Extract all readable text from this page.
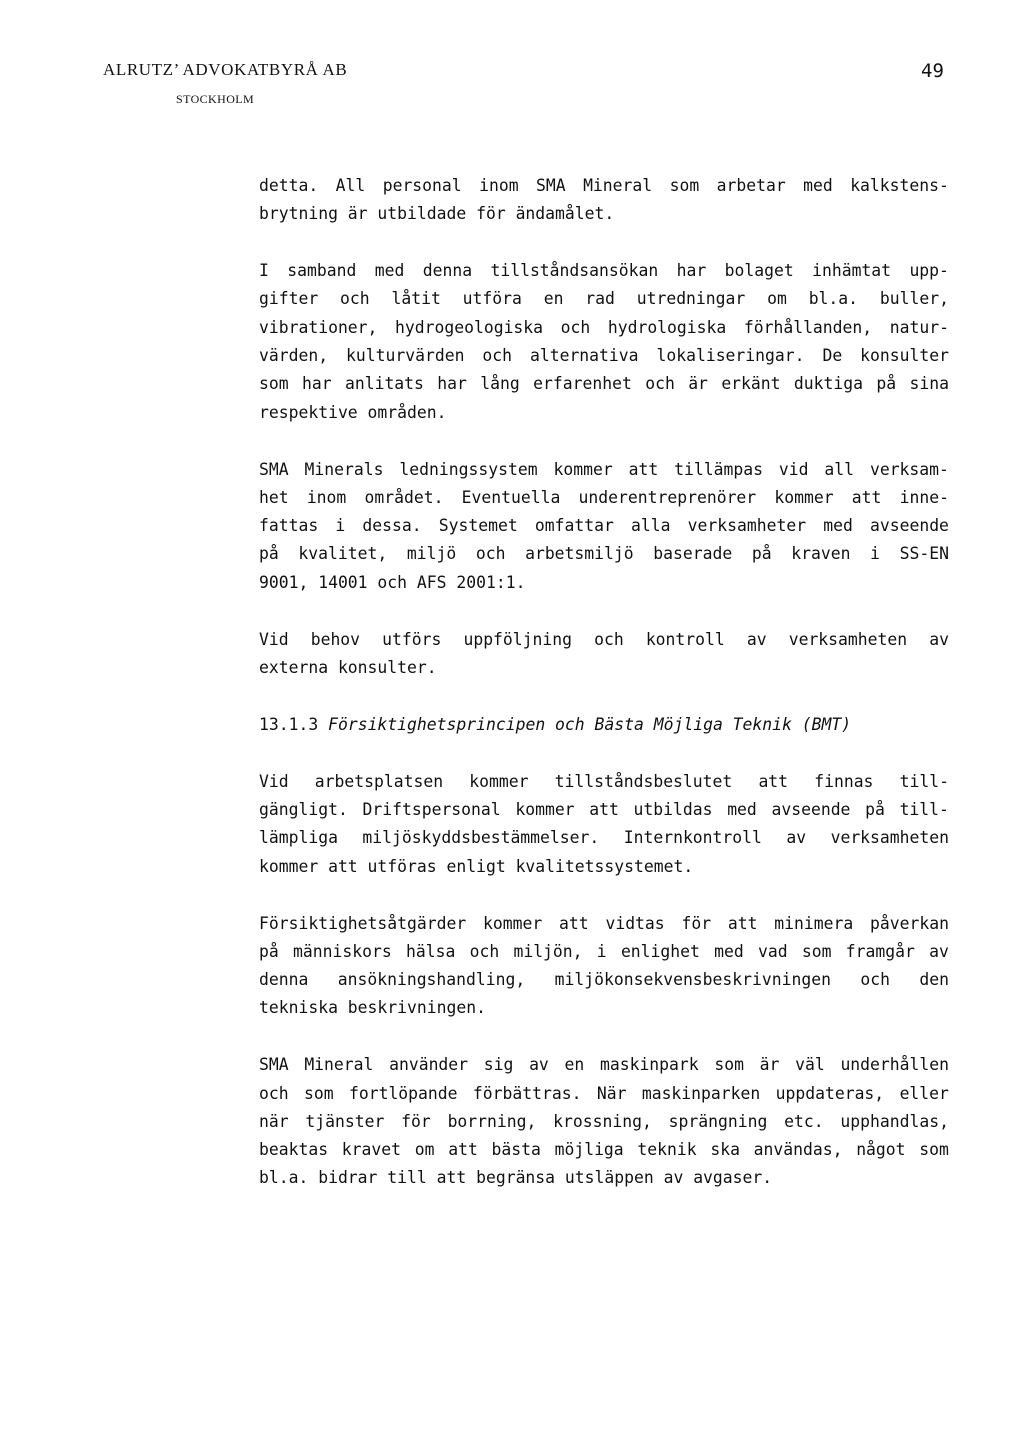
ALRUTZ’ ADVOKATBYRÅ AB
STOCKHOLM
49
detta. All personal inom SMA Mineral som arbetar med kalkstens-
brytning är utbildade för ändamålet.
I samband med denna tillståndsansökan har bolaget inhämtat upp-
gifter och låtit utföra en rad utredningar om bl.a. buller,
vibrationer, hydrogeologiska och hydrologiska förhållanden, natur-
värden, kulturvärden och alternativa lokaliseringar. De konsulter
som har anlitats har lång erfarenhet och är erkänt duktiga på sina
respektive områden.
SMA Minerals ledningssystem kommer att tillämpas vid all verksam-
het inom området. Eventuella underentreprenörer kommer att inne-
fattas i dessa. Systemet omfattar alla verksamheter med avseende
på kvalitet, miljö och arbetsmiljö baserade på kraven i SS-EN
9001, 14001 och AFS 2001:1.
Vid behov utförs uppföljning och kontroll av verksamheten av
externa konsulter.
13.1.3 Försiktighetsprincipen och Bästa Möjliga Teknik (BMT)
Vid arbetsplatsen kommer tillståndsbeslutet att finnas till-
gängligt. Driftspersonal kommer att utbildas med avseende på till-
lämpliga miljöskyddsbestämmelser. Internkontroll av verksamheten
kommer att utföras enligt kvalitetssystemet.
Försiktighetsåtgärder kommer att vidtas för att minimera påverkan
på människors hälsa och miljön, i enlighet med vad som framgår av
denna ansökningshandling, miljökonsekvensbeskrivningen och den
tekniska beskrivningen.
SMA Mineral använder sig av en maskinpark som är väl underhållen
och som fortlöpande förbättras. När maskinparken uppdateras, eller
när tjänster för borrning, krossning, sprängning etc. upphandlas,
beaktas kravet om att bästa möjliga teknik ska användas, något som
bl.a. bidrar till att begränsa utsläppen av avgaser.
